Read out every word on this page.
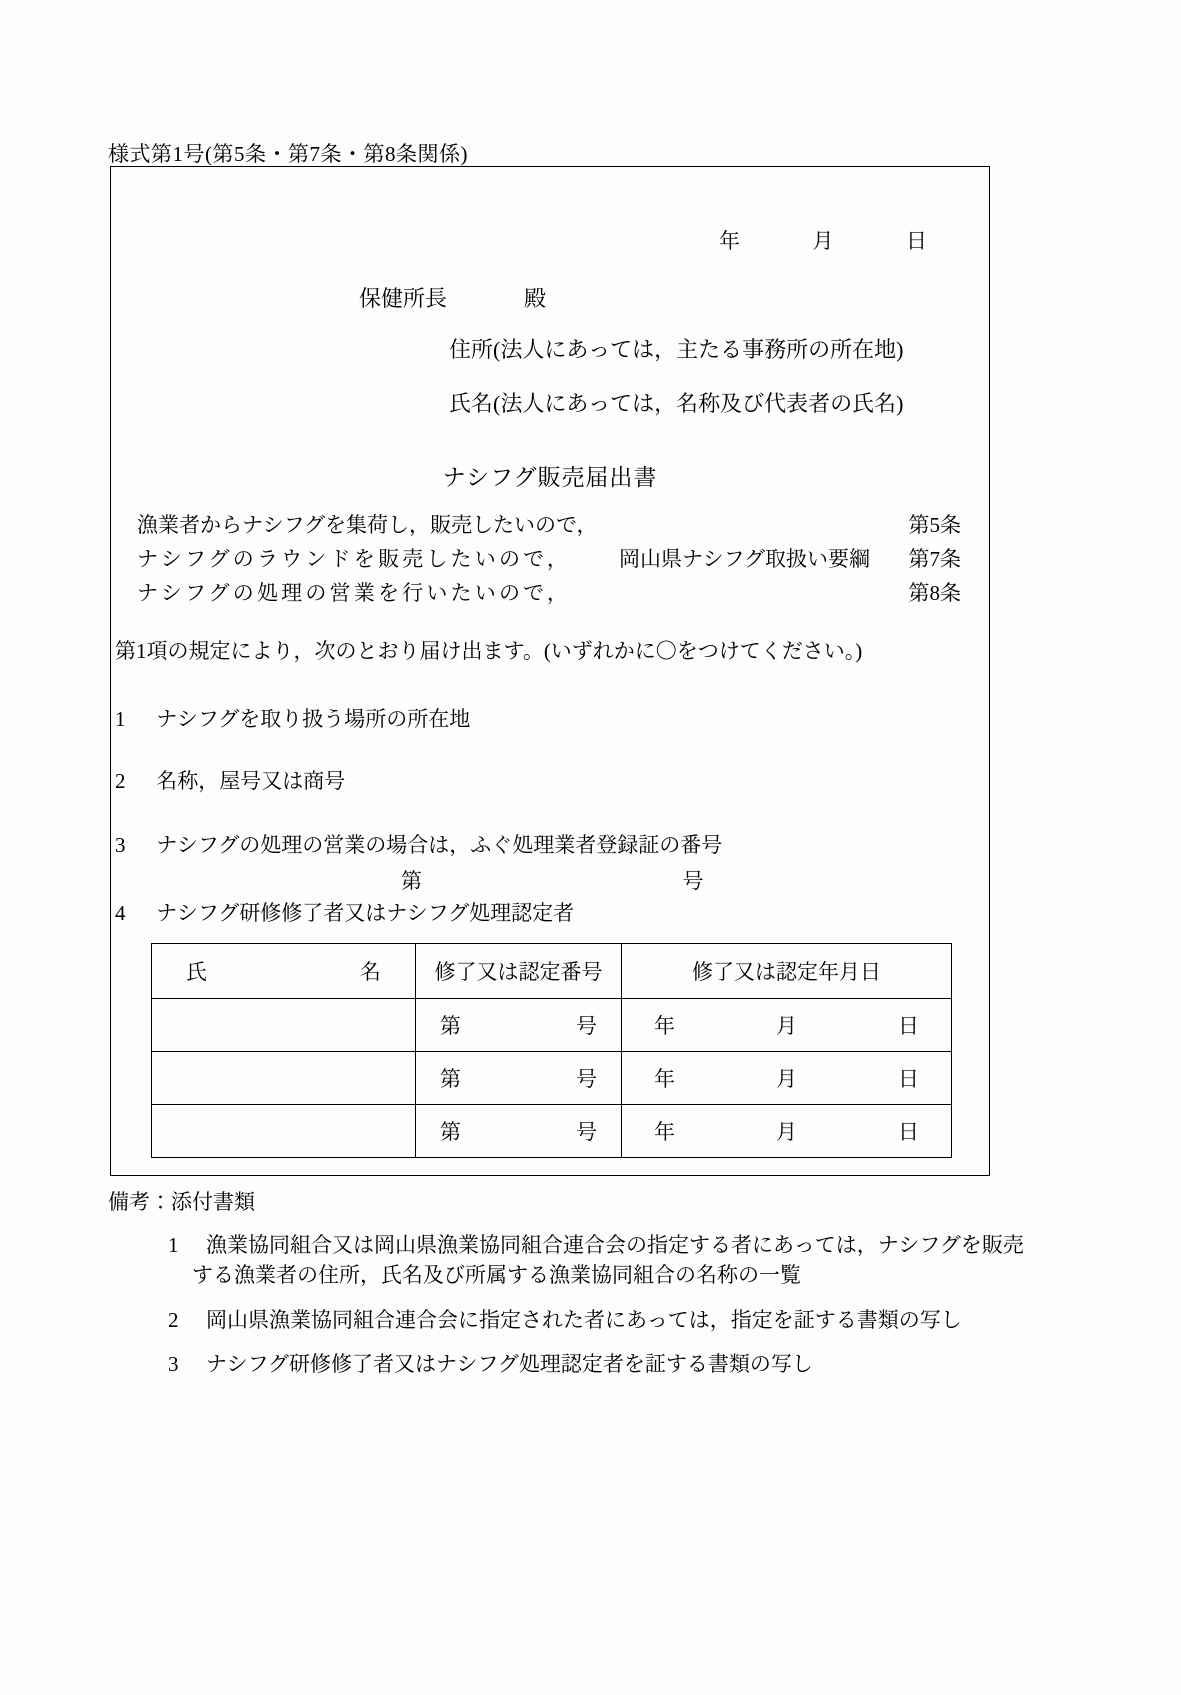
様式第1号(第5条・第7条・第8条関係)
年	月	日
保健所長	殿
住所(法人にあっては，主たる事務所の所在地)
氏名(法人にあっては，名称及び代表者の氏名)
ナシフグ販売届出書
漁業者からナシフグを集荷し，販売したいので，	第5条
ナシフグのラウンドを販売したいので， 岡山県ナシフグ取扱い要綱 第7条
ナシフグの処理の営業を行いたいので，	第8条
第1項の規定により，次のとおり届け出ます。(いずれかに〇をつけてください。)
1 ナシフグを取り扱う場所の所在地
2 名称，屋号又は商号
3 ナシフグの処理の営業の場合は，ふぐ処理業者登録証の番号
第	号
4 ナシフグ研修修了者又はナシフグ処理認定者
氏 名	修了又は認定番号	修了又は認定年月日

	第 号	年 月 日

	第 号	年 月 日

	第 号	年 月 日
備考：添付書類
1	漁業協同組合又は岡山県漁業協同組合連合会の指定する者にあっては，ナシフグを販売
する漁業者の住所，氏名及び所属する漁業協同組合の名称の一覧
2	岡山県漁業協同組合連合会に指定された者にあっては，指定を証する書類の写し
3	ナシフグ研修修了者又はナシフグ処理認定者を証する書類の写し
